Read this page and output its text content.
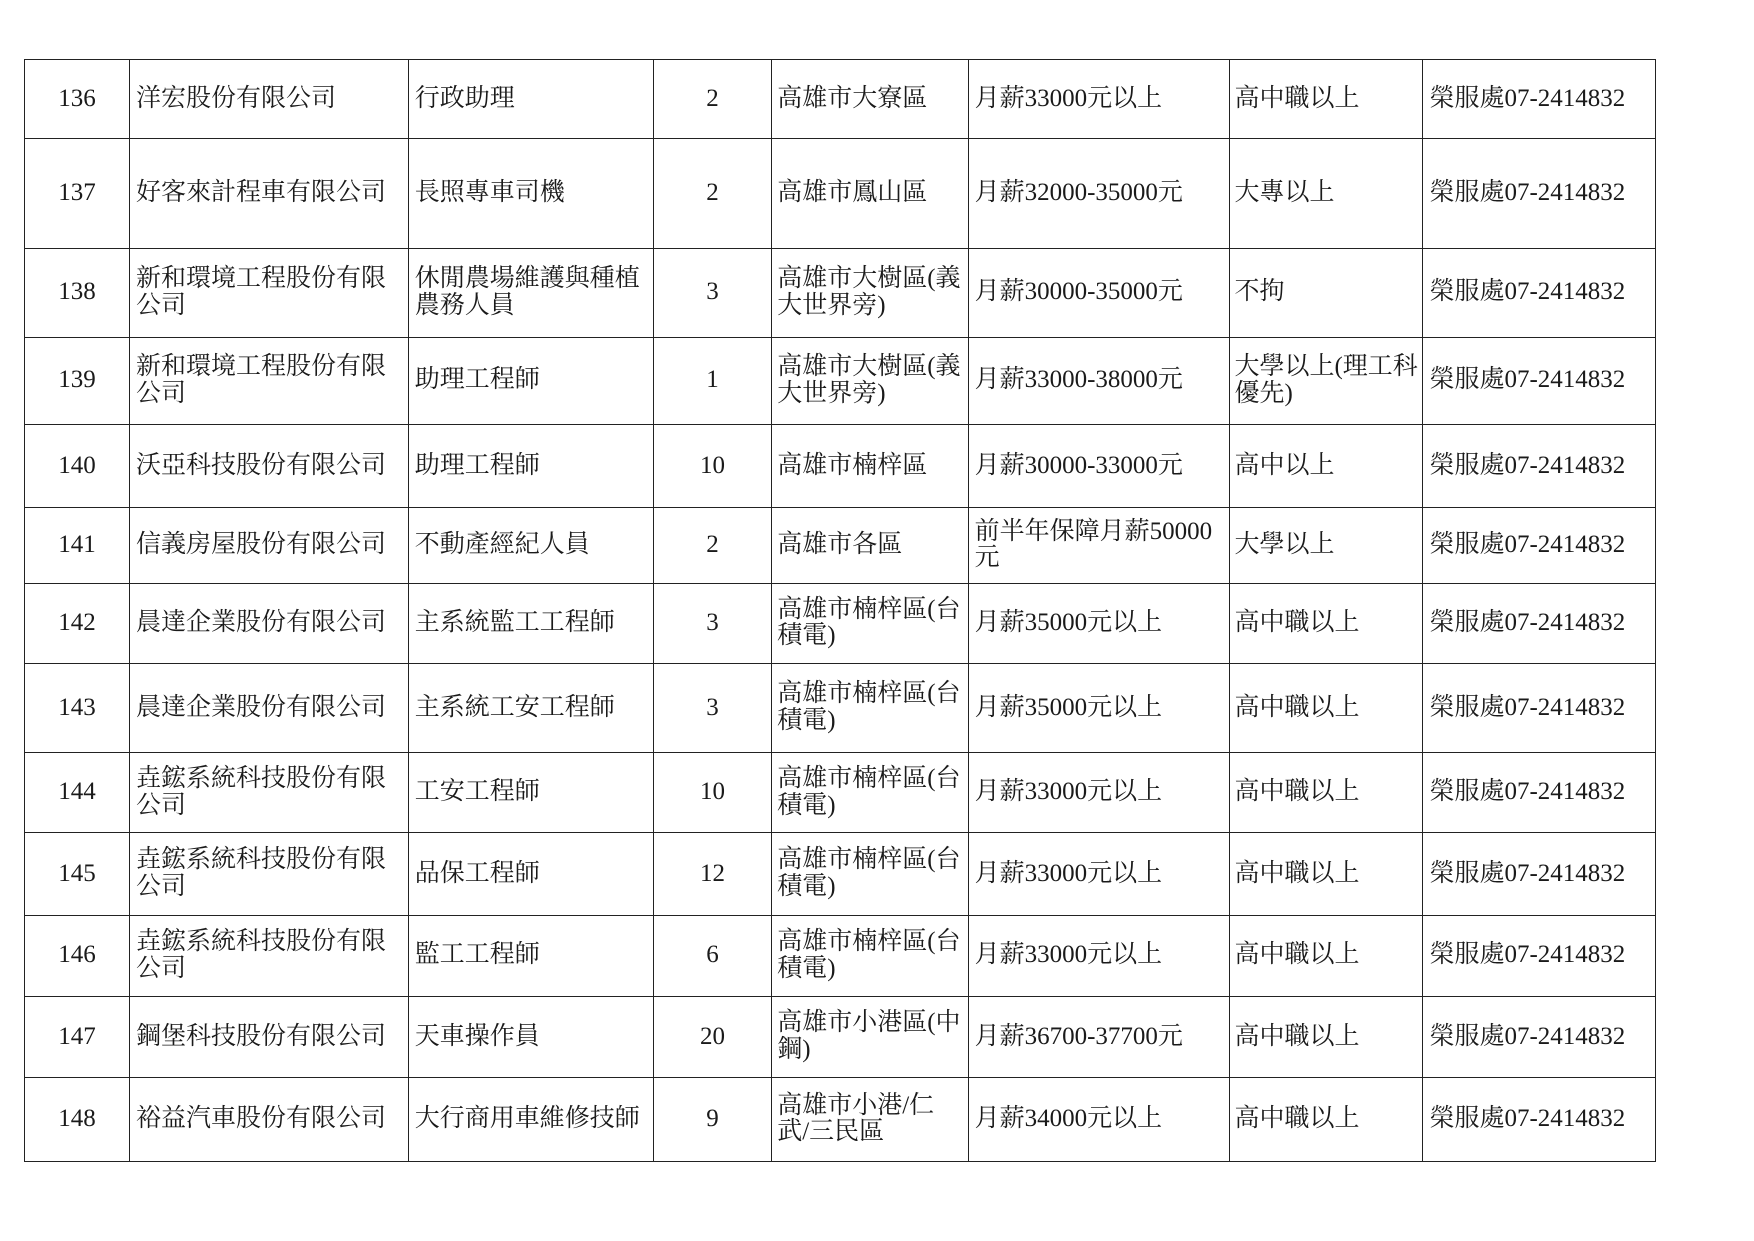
136	洋宏股份有限公司	行政助理	2	高雄市大寮區	月薪33000元以上	高中職以上	榮服處07-2414832
137	好客來計程車有限公司	長照專車司機	2	高雄市鳳山區	月薪32000-35000元	大專以上	榮服處07-2414832
138	新和環境工程股份有限公司	休閒農場維護與種植農務人員	3	高雄市大樹區(義大世界旁)	月薪30000-35000元	不拘	榮服處07-2414832
139	新和環境工程股份有限公司	助理工程師	1	高雄市大樹區(義大世界旁)	月薪33000-38000元	大學以上(理工科優先)	榮服處07-2414832
140	沃亞科技股份有限公司	助理工程師	10	高雄市楠梓區	月薪30000-33000元	高中以上	榮服處07-2414832
141	信義房屋股份有限公司	不動產經紀人員	2	高雄市各區	前半年保障月薪50000元	大學以上	榮服處07-2414832
142	晨達企業股份有限公司	主系統監工工程師	3	高雄市楠梓區(台積電)	月薪35000元以上	高中職以上	榮服處07-2414832
143	晨達企業股份有限公司	主系統工安工程師	3	高雄市楠梓區(台積電)	月薪35000元以上	高中職以上	榮服處07-2414832
144	垚鋐系統科技股份有限公司	工安工程師	10	高雄市楠梓區(台積電)	月薪33000元以上	高中職以上	榮服處07-2414832
145	垚鋐系統科技股份有限公司	品保工程師	12	高雄市楠梓區(台積電)	月薪33000元以上	高中職以上	榮服處07-2414832
146	垚鋐系統科技股份有限公司	監工工程師	6	高雄市楠梓區(台積電)	月薪33000元以上	高中職以上	榮服處07-2414832
147	鋼堡科技股份有限公司	天車操作員	20	高雄市小港區(中鋼)	月薪36700-37700元	高中職以上	榮服處07-2414832
148	裕益汽車股份有限公司	大行商用車維修技師	9	高雄市小港/仁武/三民區	月薪34000元以上	高中職以上	榮服處07-2414832
